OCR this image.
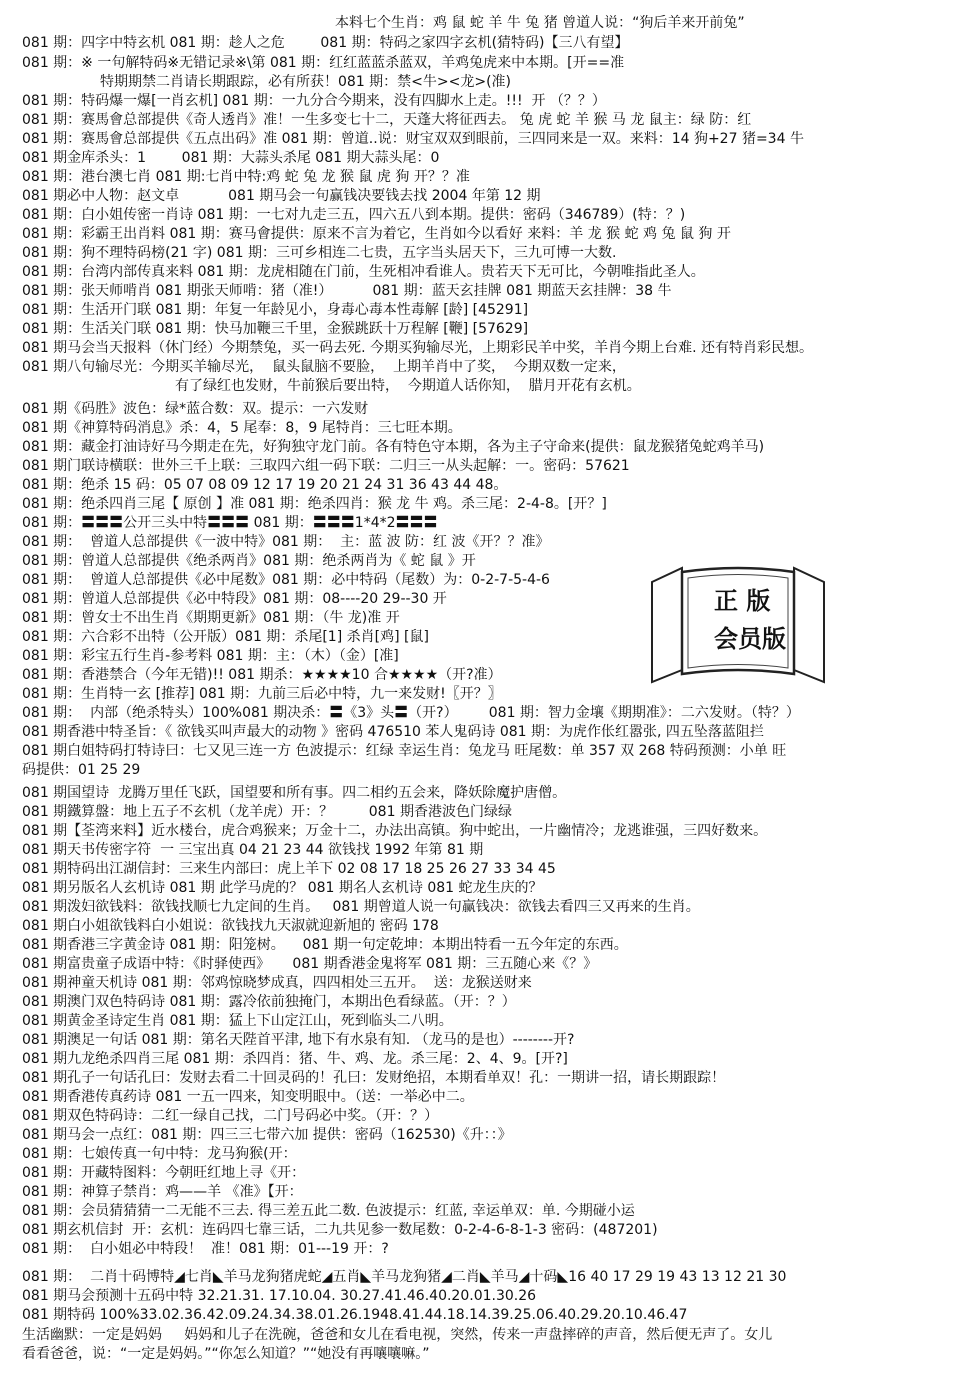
本料七个生肖：鸡 鼠 蛇 羊 牛 兔 猪 曾道人说：“狗后羊来开前兔”
081 期：四字中特玄机 081 期：趁人之危        081 期：特码之家四字玄机(猜特码)【三八有望】
081 期：※ 一句解特码※无错记录※\第 081 期：红红蓝蓝杀蓝双，羊鸡兔虎来中本期。[开==准
特期期禁二肖请长期跟踪，必有所获！081 期：禁<牛><龙>(准)
081 期：特码爆一爆[一肖玄机] 081 期：一九分合今期来，没有四脚水上走。!!!  开 （？？）
081 期：赛馬會总部提供《奇人透肖》准！一生多变七十二，天蓬大将征西去。 兔 虎 蛇 羊 猴 马 龙 鼠主：绿 防：红
081 期：赛馬會总部提供《五点出码》准 081 期：曾道..说：财宝双双到眼前，三四同来是一双。来料：14 狗+27 猪=34 牛
081 期金库杀头：1        081 期：大蒜头杀尾 081 期大蒜头尾：0
081 期：港台澳七肖 081 期:七肖中特:鸡 蛇 兔 龙 猴 鼠 虎 狗 开？？准
081 期必中人物：赵文卓           081 期马会一句赢钱决要钱去找 2004 年第 12 期
081 期：白小姐传密一肖诗 081 期：一七对九走三五，四六五八到本期。提供：密码（346789）(特：？)
081 期：彩霸王出肖料 081 期：赛马會提供：原来不言为着它，生肖如今以看好 来料：羊 龙 猴 蛇 鸡 兔 鼠 狗 开
081 期：狗不理特码榜(21 字) 081 期：三可乡相连二七贵，五字当头居天下，三九可博一大数.
081 期：台湾内部传真来料 081 期：龙虎相随在门前，生死相冲看谁人。贵若天下无可比，今朝唯指此圣人。
081 期：张天师啃肖 081 期张天师啃：猪（准!）         081 期：蓝天玄挂牌 081 期蓝天玄挂牌：38 牛
081 期：生活开门联 081 期：年复一年龄见小，身毒心毒本性毒解 [龄] [45291]
081 期：生活关门联 081 期：快马加鞭三千里，金猴跳跃十万程解 [鞭] [57629]
081 期马会当天报料（休门经）今期禁兔，买一码去死. 今期买狗输尽光，上期彩民羊中奖，羊肖今期上台难. 还有特肖彩民想。
081 期八句输尽光：今期买羊输尽光，  鼠头鼠脑不要脸，  上期羊肖中了奖，  今期双数一定来，
有了绿红也发财，牛前猴后要出特，  今期道人话你知，  腊月开花有玄机。
081 期《码胜》波色：绿*蓝合数：双。提示：一六发财
081 期《神算特码消息》杀：4，5 尾奉：8，9 尾特肖：三七旺本期。
081 期：藏金打油诗好马今期走在先，好狗独守龙门前。各有特色守本期，各为主子守命来(提供：鼠龙猴猪兔蛇鸡羊马)
081 期门联诗横联：世外三千上联：三取四六组一码下联：二归三一从头起解：一。密码：57621
081 期：绝杀 15 码：05 07 08 09 12 17 19 20 21 24 31 36 43 44 48。
081 期：绝杀四肖三尾【 原创 】准 081 期：绝杀四肖：猴 龙 牛 鸡。杀三尾：2-4-8。[开？]
081 期：〓〓〓公开三头中特〓〓〓 081 期：〓〓〓1*4*2〓〓〓
081 期：  曾道人总部提供《一波中特》081 期：  主：蓝 波 防：红 波《开？？准》
081 期：曾道人总部提供《绝杀两肖》081 期：绝杀两肖为《 蛇 鼠 》开
081 期：  曾道人总部提供《必中尾数》081 期：必中特码（尾数）为：0-2-7-5-4-6
081 期：曾道人总部提供《必中特段》081 期：08----20 29--30 开
081 期：曾女士不出生肖《期期更新》081 期：（牛 龙)准 开
081 期：六合彩不出特（公开版）081 期：杀尾[1] 杀肖[鸡] [鼠]
081 期：彩宝五行生肖-参考料 081 期：主：（木）（金）[准]
081 期：香港禁合（今年无错)!! 081 期杀：★★★★10 合★★★★（开?准）
081 期：生肖特一玄 [推荐] 081 期：九前三后必中特，九一来发财!〖开？〗
081 期：  内部（绝杀特头）100%081 期决杀：〓《3》头〓（开?）       081 期：智力金壤《期期准》：二六发财。（特？）
081 期香港中特圣旨：《 欲钱买叫声最大的动物 》密码 476510 苯人鬼码诗 081 期：为虎作伥红嚣张, 四五坠落蓝阻拦
081 期白姐特码打特诗曰：七又见三连一方 色波提示：红绿 幸运生肖：兔龙马 旺尾数：单 357 双 268 特码预测：小单 旺
码提供：01 25 29
081 期国望诗  龙腾万里任飞跃，国望要和所有事。四二相约五会来，降妖除魔护唐僧。
081 期鐵算盤：地上五子不玄机（龙羊虎）开：？        081 期香港波色门绿绿
081 期【荃湾来料】近水楼台，虎合鸡猴来；万金十二，办法出高镇。狗中蛇出，一片幽情冷；龙逃谁强，三四好数来。
081 期天书传密字符  一 三宝出真 04 21 23 44 欲钱找 1992 年第 81 期
081 期特码出江湖信封：三来生内部曰：虎上羊下 02 08 17 18 25 26 27 33 34 45
081 期另版名人玄机诗 081 期 此学马虎的？ 081 期名人玄机诗 081 蛇龙生庆的？
081 期泼妇欲钱料：欲钱找顺七九定间的生肖。   081 期曾道人说一句赢钱决：欲钱去看四三又再来的生肖。
081 期白小姐欲钱料白小姐说：欲钱找九天淑就迎新旭的 密码 178
081 期香港三字黄金诗 081 期：阳笼树。    081 期一句定乾坤：本期出特看一五今年定的东西。
081 期富贵童子成语中特：《时驿使西》     081 期香港金鬼将军 081 期：三五随心来《？》
081 期神童天机诗 081 期：邻鸡惊晓梦成真，四四相处三五开。  送：龙猴送财来
081 期澳门双色特码诗 081 期：露冷依前独掩门，本期出色看绿蓝。（开：？）
081 期黄金圣诗定生肖 081 期：猛上下山定江山，死到临头二八明。
081 期澳足一句话 081 期：第名天陛首平津, 地下有水泉有知. （龙马的是也）--------开?
081 期九龙绝杀四肖三尾 081 期：杀四肖：猪、牛、鸡、龙。杀三尾：2、4、9。[开?]
081 期孔子一句话孔曰：发财去看二十回灵码的！孔曰：发财绝招，本期看单双！孔：一期讲一招，请长期跟踪！
081 期香港传真药诗 081 一五一四来，知变明眼中。（送：一举必中二。
081 期双色特码诗：二红一绿自己找，二门号码必中奖。（开：？）
081 期马会一点红：081 期：四三三七带六加 提供：密码（162530)《升：：》
081 期：七娘传真一句中特：龙马狗猴(开：
081 期：开藏特图料：今朝旺红地上寻《开：
081 期：神算子禁肖：鸡——羊 《准》【开：
081 期：会员猜猜猜一二无能不三去. 得三差五此二数. 色波提示：红蓝, 幸运单双：单. 今期碰小运
081 期玄机信封  开：玄机：连码四七靠三话，二九共见参一数尾数：0-2-4-6-8-1-3 密码：(487201)
081 期：  白小姐必中特段！  准！081 期：01---19 开：?
081 期：  二肖十码博特◢七肖◣羊马龙狗猪虎蛇◢五肖◣羊马龙狗猪◢二肖◣羊马◢十码◣16 40 17 29 19 43 13 12 21 30
081 期马会预测十五码中特 32.21.31. 17.10.04. 30.27.41.46.40.20.01.30.26
081 期特码 100%33.02.36.42.09.24.34.38.01.26.1948.41.44.18.14.39.25.06.40.29.20.10.46.47
生活幽默：一定是妈妈     妈妈和儿子在洗碗，爸爸和女儿在看电视，突然，传来一声盘摔碎的声音，然后便无声了。女儿
看看爸爸，说：“一定是妈妈。”“你怎么知道？”“她没有再嚷嚷嘛。”
正 版
会员版
